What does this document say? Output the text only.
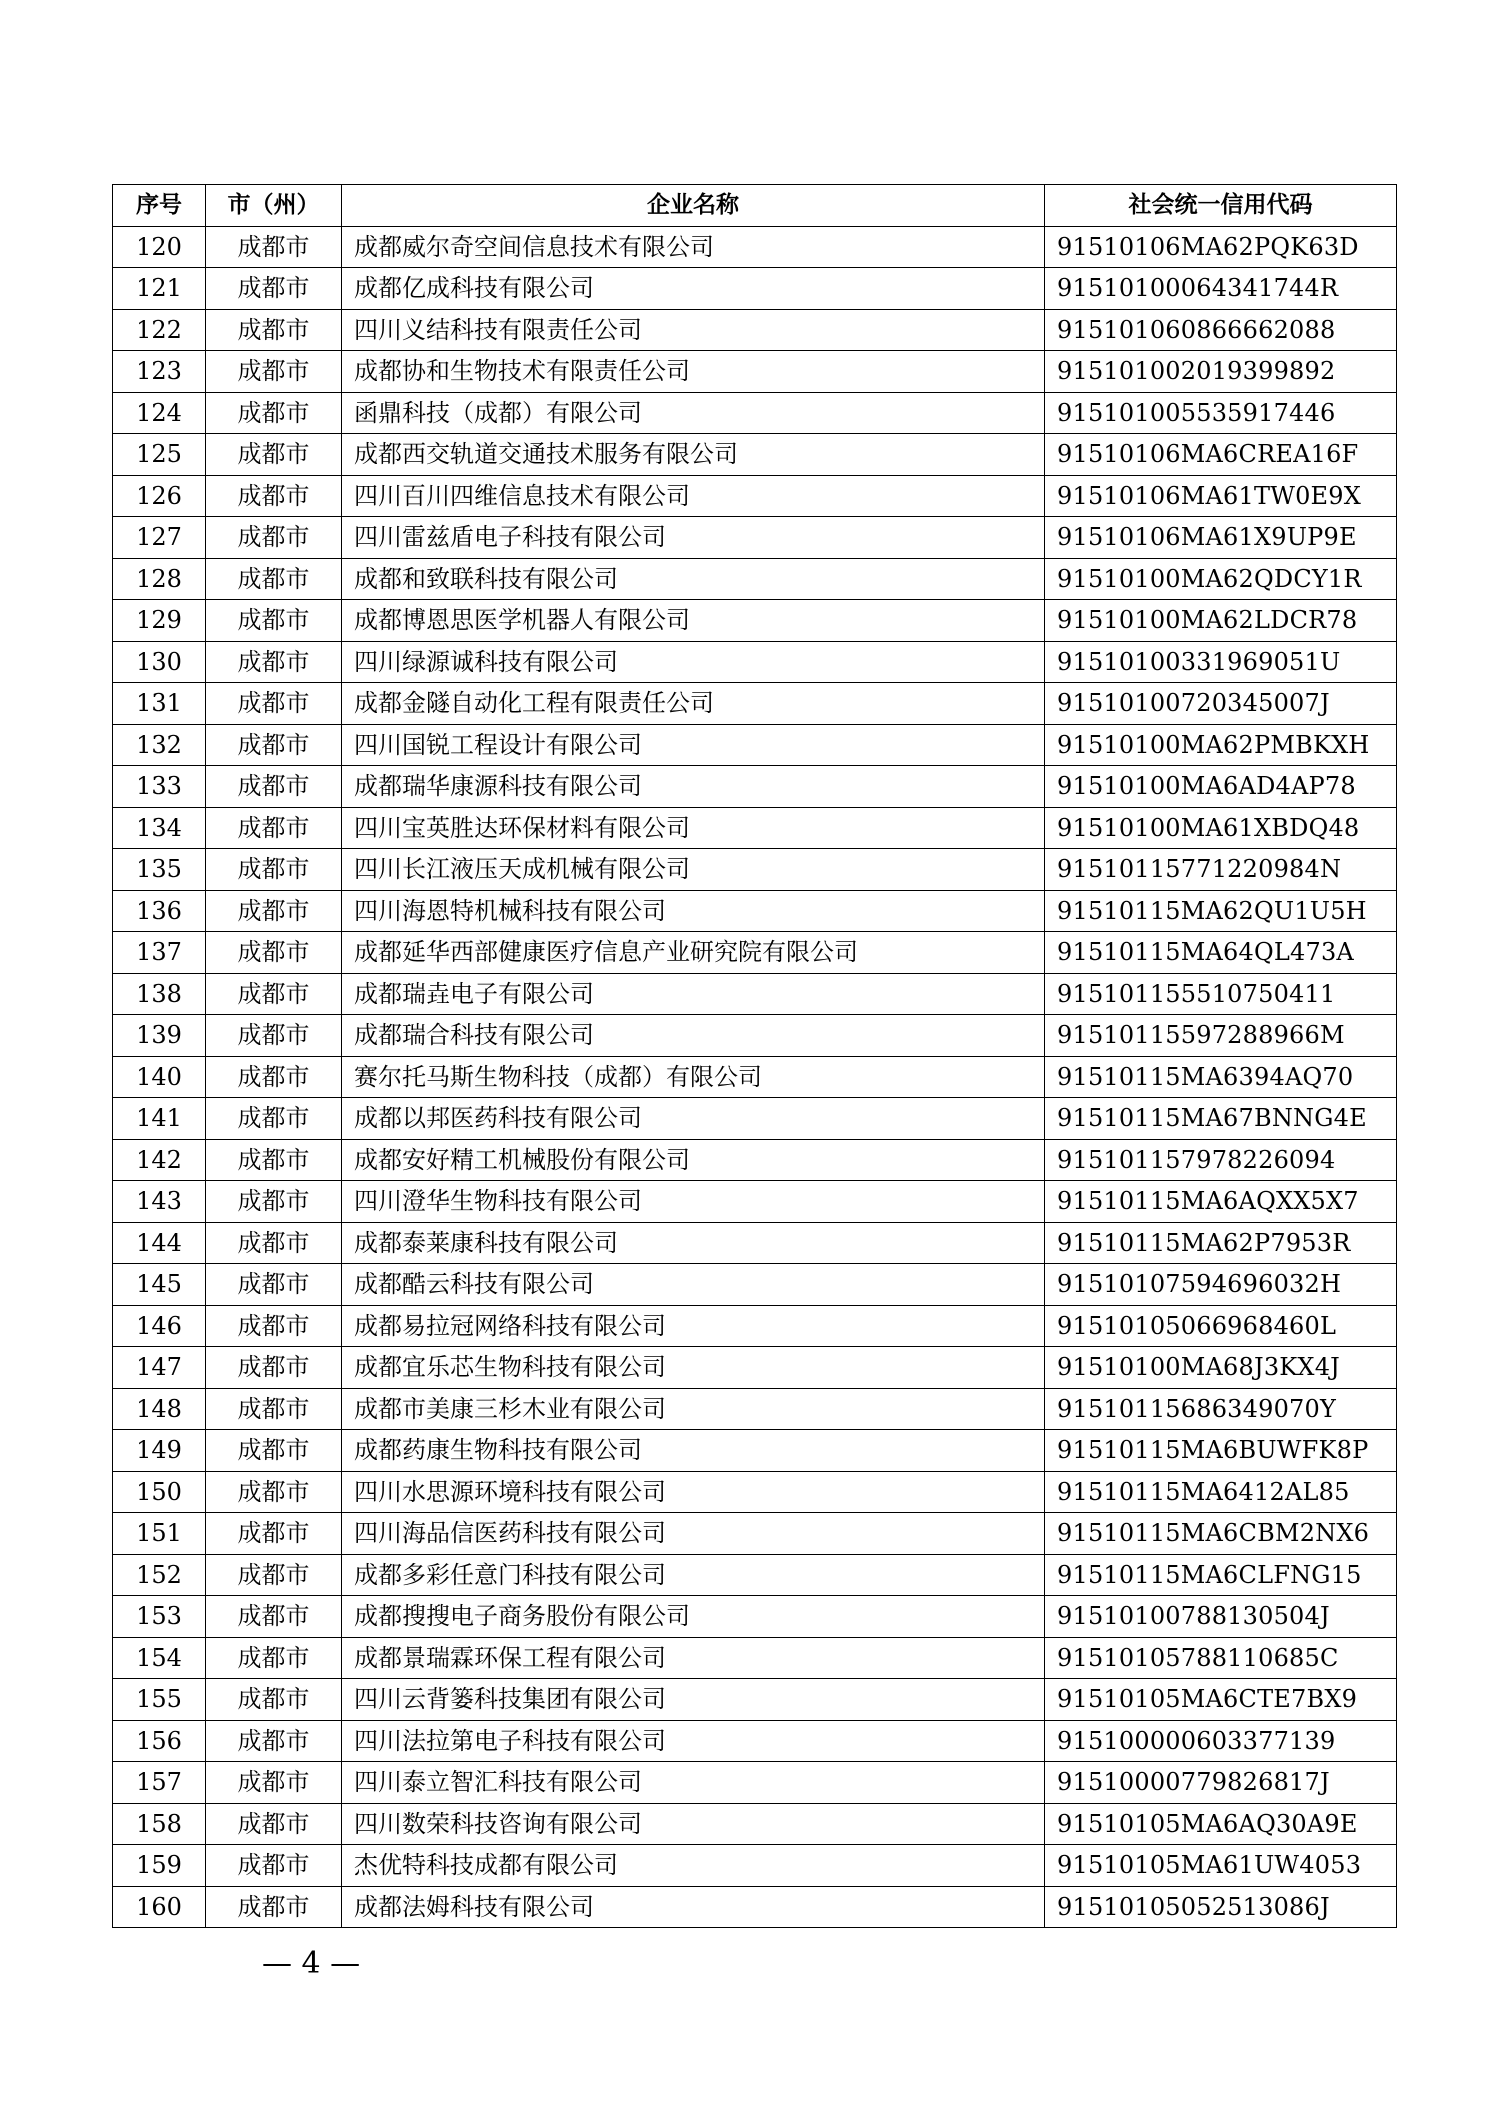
序号	市（州）	企业名称	社会统一信用代码
120	成都市	成都威尔奇空间信息技术有限公司	91510106MA62PQK63D
121	成都市	成都亿成科技有限公司	91510100064341744R
122	成都市	四川义结科技有限责任公司	915101060866662088
123	成都市	成都协和生物技术有限责任公司	915101002019399892
124	成都市	函鼎科技（成都）有限公司	915101005535917446
125	成都市	成都西交轨道交通技术服务有限公司	91510106MA6CREA16F
126	成都市	四川百川四维信息技术有限公司	91510106MA61TW0E9X
127	成都市	四川雷兹盾电子科技有限公司	91510106MA61X9UP9E
128	成都市	成都和致联科技有限公司	91510100MA62QDCY1R
129	成都市	成都博恩思医学机器人有限公司	91510100MA62LDCR78
130	成都市	四川绿源诚科技有限公司	91510100331969051U
131	成都市	成都金隧自动化工程有限责任公司	91510100720345007J
132	成都市	四川国锐工程设计有限公司	91510100MA62PMBKXH
133	成都市	成都瑞华康源科技有限公司	91510100MA6AD4AP78
134	成都市	四川宝英胜达环保材料有限公司	91510100MA61XBDQ48
135	成都市	四川长江液压天成机械有限公司	91510115771220984N
136	成都市	四川海恩特机械科技有限公司	91510115MA62QU1U5H
137	成都市	成都延华西部健康医疗信息产业研究院有限公司	91510115MA64QL473A
138	成都市	成都瑞垚电子有限公司	915101155510750411
139	成都市	成都瑞合科技有限公司	91510115597288966M
140	成都市	赛尔托马斯生物科技（成都）有限公司	91510115MA6394AQ70
141	成都市	成都以邦医药科技有限公司	91510115MA67BNNG4E
142	成都市	成都安好精工机械股份有限公司	915101157978226094
143	成都市	四川澄华生物科技有限公司	91510115MA6AQXX5X7
144	成都市	成都泰莱康科技有限公司	91510115MA62P7953R
145	成都市	成都酷云科技有限公司	91510107594696032H
146	成都市	成都易拉冠网络科技有限公司	91510105066968460L
147	成都市	成都宜乐芯生物科技有限公司	91510100MA68J3KX4J
148	成都市	成都市美康三杉木业有限公司	91510115686349070Y
149	成都市	成都药康生物科技有限公司	91510115MA6BUWFK8P
150	成都市	四川水思源环境科技有限公司	91510115MA6412AL85
151	成都市	四川海品信医药科技有限公司	91510115MA6CBM2NX6
152	成都市	成都多彩任意门科技有限公司	91510115MA6CLFNG15
153	成都市	成都搜搜电子商务股份有限公司	91510100788130504J
154	成都市	成都景瑞霖环保工程有限公司	91510105788110685C
155	成都市	四川云背篓科技集团有限公司	91510105MA6CTE7BX9
156	成都市	四川法拉第电子科技有限公司	915100000603377139
157	成都市	四川泰立智汇科技有限公司	91510000779826817J
158	成都市	四川数荣科技咨询有限公司	91510105MA6AQ30A9E
159	成都市	杰优特科技成都有限公司	91510105MA61UW4053
160	成都市	成都法姆科技有限公司	91510105052513086J
— 4 —
